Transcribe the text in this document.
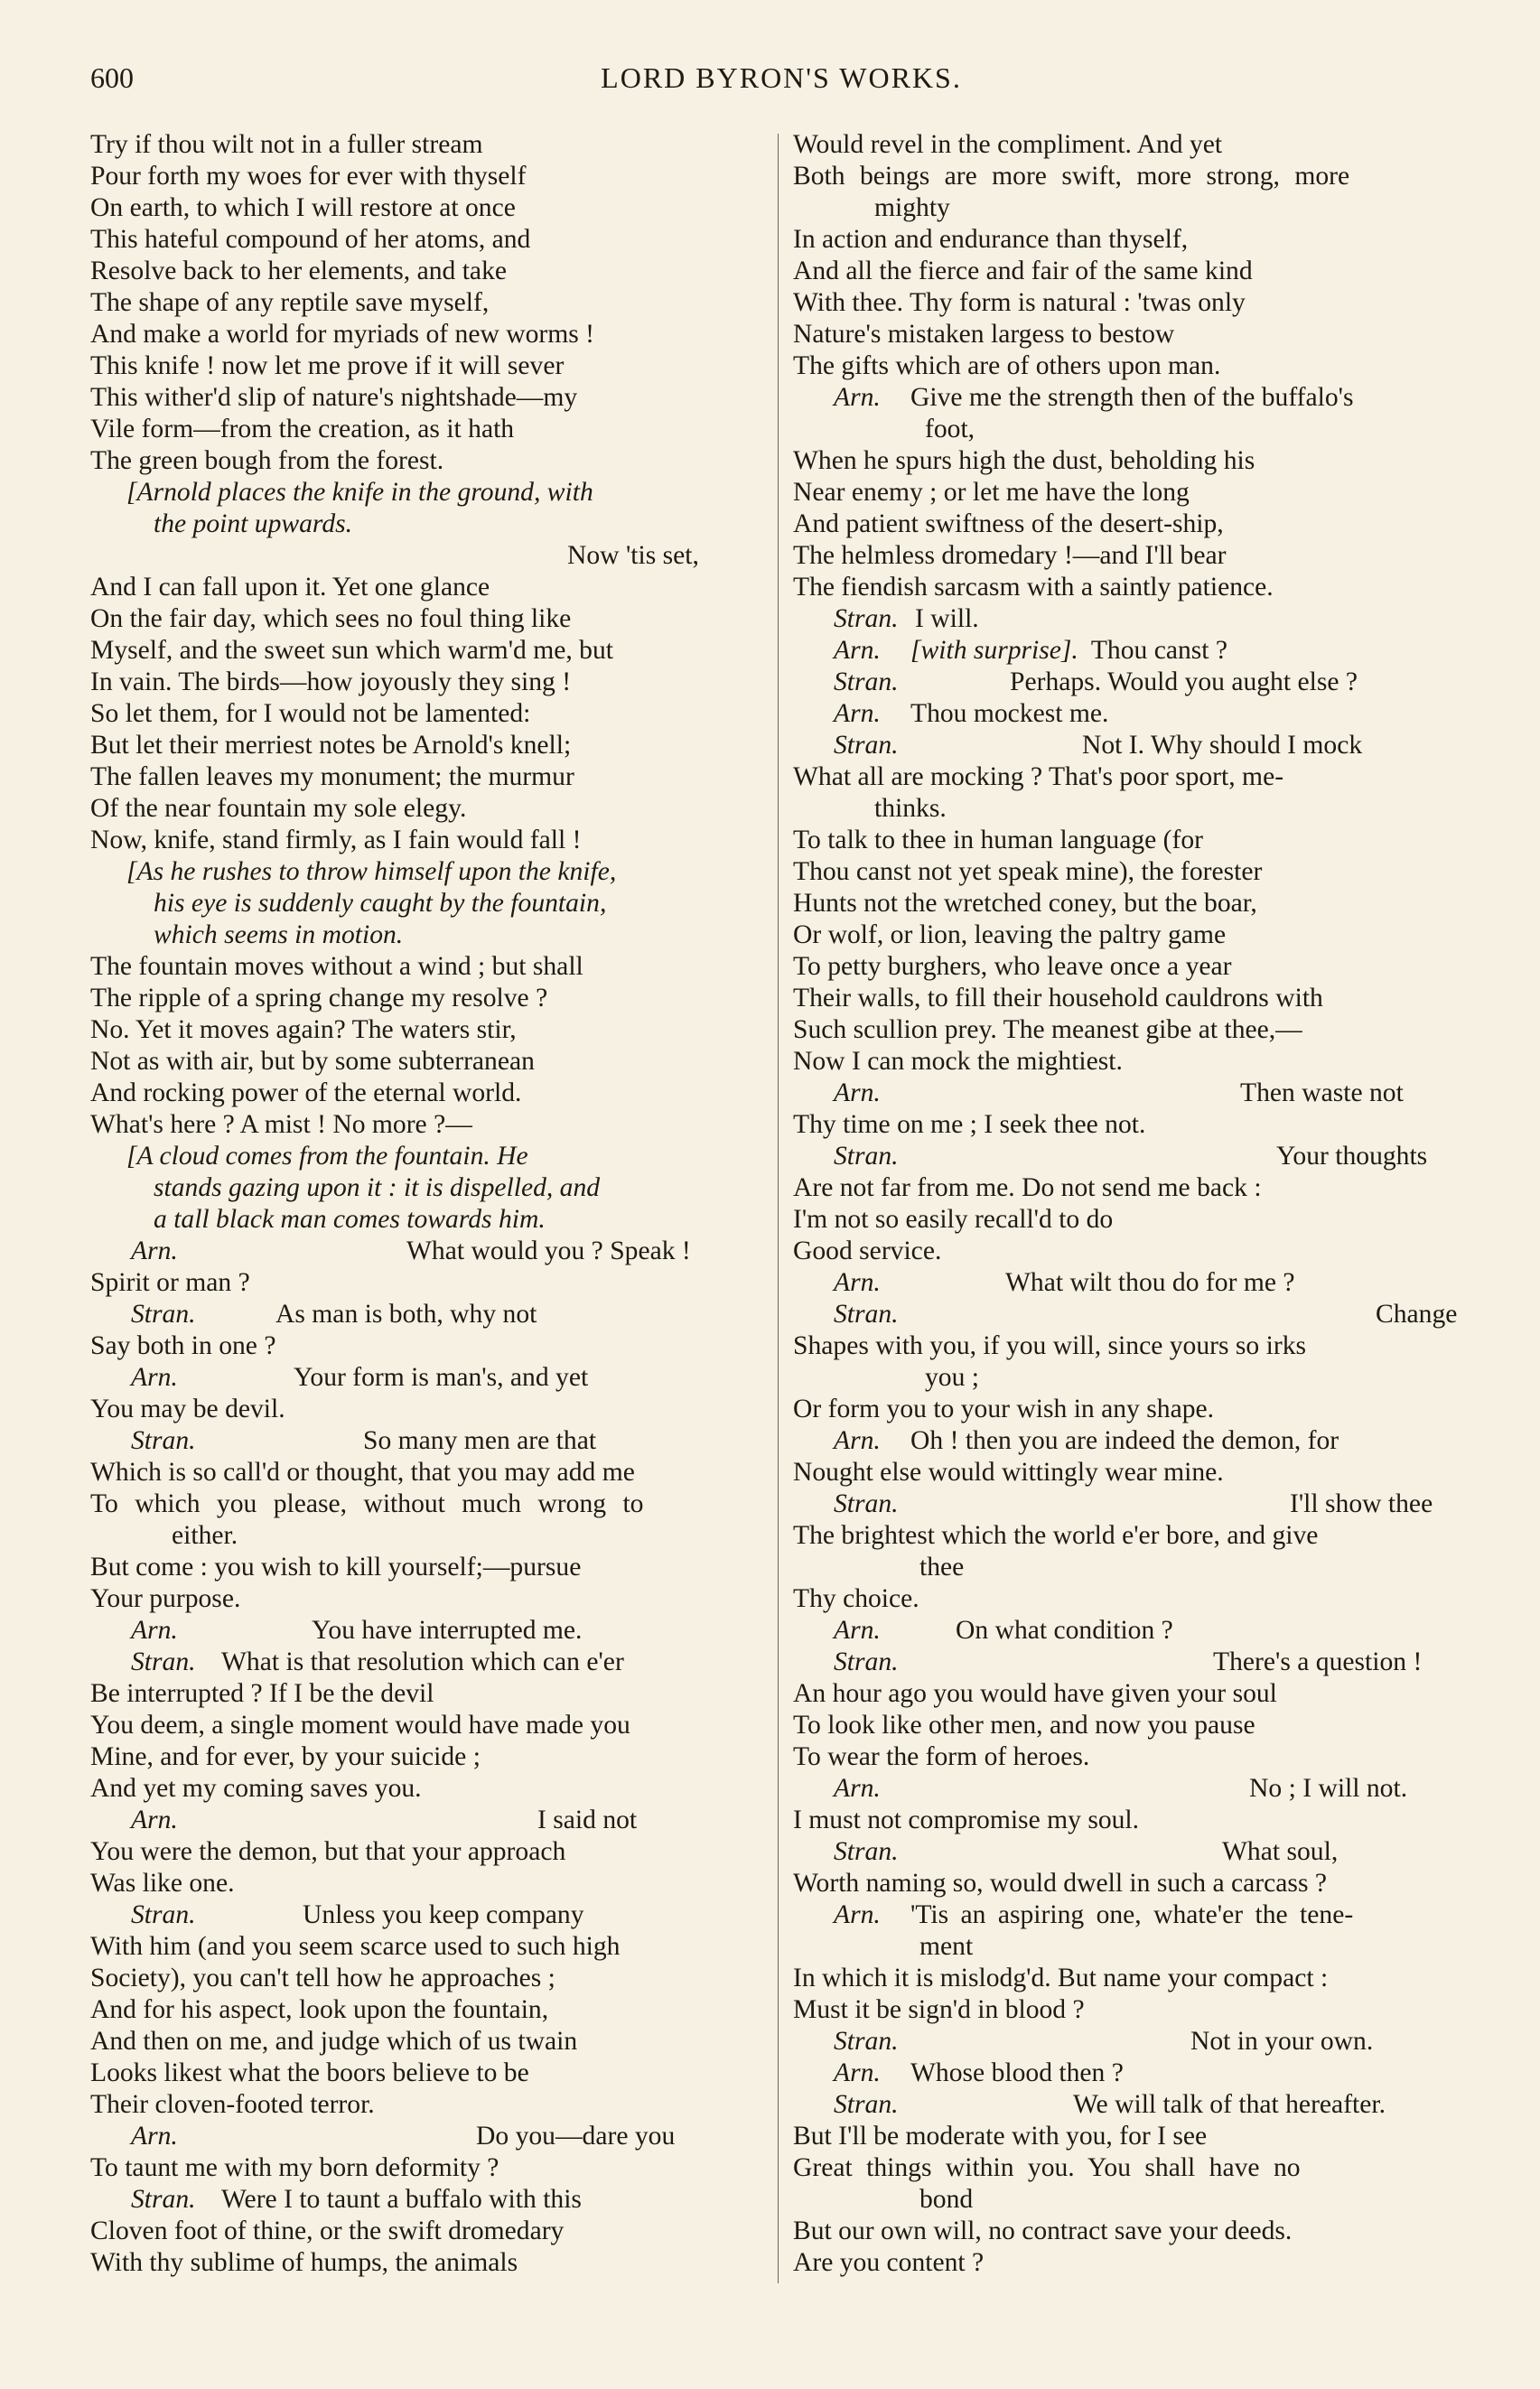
600	LORD BYRON'S WORKS.
Try if thou wilt not in a fuller stream
Pour forth my woes for ever with thyself
On earth, to which I will restore at once
This hateful compound of her atoms, and
Resolve back to her elements, and take
The shape of any reptile save myself,
And make a world for myriads of new worms !
This knife ! now let me prove if it will sever
This wither'd slip of nature's nightshade—my
Vile form—from the creation, as it hath
The green bough from the forest.
[Arnold places the knife in the ground, with
the point upwards.
Now 'tis set,
And I can fall upon it. Yet one glance
On the fair day, which sees no foul thing like
Myself, and the sweet sun which warm'd me, but
In vain. The birds—how joyously they sing !
So let them, for I would not be lamented:
But let their merriest notes be Arnold's knell;
The fallen leaves my monument; the murmur
Of the near fountain my sole elegy.
Now, knife, stand firmly, as I fain would fall !
[As he rushes to throw himself upon the knife,
his eye is suddenly caught by the fountain,
which seems in motion.
The fountain moves without a wind ; but shall
The ripple of a spring change my resolve ?
No. Yet it moves again? The waters stir,
Not as with air, but by some subterranean
And rocking power of the eternal world.
What's here ? A mist ! No more ?—
[A cloud comes from the fountain. He
stands gazing upon it : it is dispelled, and
a tall black man comes towards him.
Arn.	What would you ? Speak !
Spirit or man ?
Stran.	As man is both, why not
Say both in one ?
Arn.	Your form is man's, and yet
You may be devil.
Stran.	So many men are that
Which is so call'd or thought, that you may add me
To which you please, without much wrong to
either.
But come : you wish to kill yourself;—pursue
Your purpose.
Arn.	You have interrupted me.
Stran. What is that resolution which can e'er
Be interrupted ? If I be the devil
You deem, a single moment would have made you
Mine, and for ever, by your suicide ;
And yet my coming saves you.
Arn.	I said not
You were the demon, but that your approach
Was like one.
Stran.	Unless you keep company
With him (and you seem scarce used to such high
Society), you can't tell how he approaches ;
And for his aspect, look upon the fountain,
And then on me, and judge which of us twain
Looks likest what the boors believe to be
Their cloven-footed terror.
Arn.	Do you—dare you
To taunt me with my born deformity ?
Stran. Were I to taunt a buffalo with this
Cloven foot of thine, or the swift dromedary
With thy sublime of humps, the animals
Would revel in the compliment. And yet
Both beings are more swift, more strong, more
mighty
In action and endurance than thyself,
And all the fierce and fair of the same kind
With thee. Thy form is natural : 'twas only
Nature's mistaken largess to bestow
The gifts which are of others upon man.
Arn. Give me the strength then of the buffalo's
foot,
When he spurs high the dust, beholding his
Near enemy ; or let me have the long
And patient swiftness of the desert-ship,
The helmless dromedary !—and I'll bear
The fiendish sarcasm with a saintly patience.
Stran. I will.
Arn. [with surprise]. Thou canst ?
Stran.	Perhaps. Would you aught else ?
Arn. Thou mockest me.
Stran.	Not I. Why should I mock
What all are mocking ? That's poor sport, me-
thinks.
To talk to thee in human language (for
Thou canst not yet speak mine), the forester
Hunts not the wretched coney, but the boar,
Or wolf, or lion, leaving the paltry game
To petty burghers, who leave once a year
Their walls, to fill their household cauldrons with
Such scullion prey. The meanest gibe at thee,—
Now I can mock the mightiest.
Arn.	Then waste not
Thy time on me ; I seek thee not.
Stran.	Your thoughts
Are not far from me. Do not send me back :
I'm not so easily recall'd to do
Good service.
Arn.	What wilt thou do for me ?
Stran.	Change
Shapes with you, if you will, since yours so irks
you ;
Or form you to your wish in any shape.
Arn. Oh ! then you are indeed the demon, for
Nought else would wittingly wear mine.
Stran.	I'll show thee
The brightest which the world e'er bore, and give
thee
Thy choice.
Arn.	On what condition ?
Stran.	There's a question !
An hour ago you would have given your soul
To look like other men, and now you pause
To wear the form of heroes.
Arn.	No ; I will not.
I must not compromise my soul.
Stran.	What soul,
Worth naming so, would dwell in such a carcass ?
Arn. 'Tis an aspiring one, whate'er the tene-
ment
In which it is mislodg'd. But name your compact :
Must it be sign'd in blood ?
Stran.	Not in your own.
Arn. Whose blood then ?
Stran.	We will talk of that hereafter.
But I'll be moderate with you, for I see
Great things within you. You shall have no
bond
But our own will, no contract save your deeds.
Are you content ?
